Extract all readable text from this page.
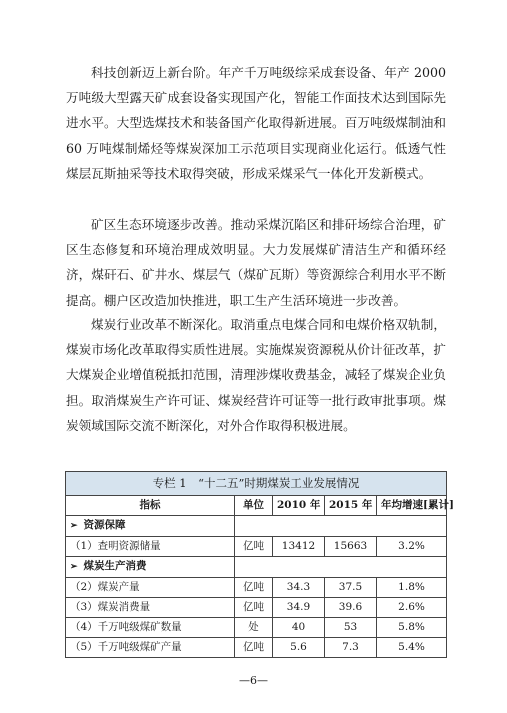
科技创新迈上新台阶。年产千万吨级综采成套设备、年产 2000 万吨级大型露天矿成套设备实现国产化，智能工作面技术达到国际先进水平。大型选煤技术和装备国产化取得新进展。百万吨级煤制油和 60 万吨煤制烯烃等煤炭深加工示范项目实现商业化运行。低透气性煤层瓦斯抽采等技术取得突破，形成采煤采气一体化开发新模式。

矿区生态环境逐步改善。推动采煤沉陷区和排矸场综合治理，矿区生态修复和环境治理成效明显。大力发展煤矿清洁生产和循环经济，煤矸石、矿井水、煤层气（煤矿瓦斯）等资源综合利用水平不断提高。棚户区改造加快推进，职工生产生活环境进一步改善。

煤炭行业改革不断深化。取消重点电煤合同和电煤价格双轨制，煤炭市场化改革取得实质性进展。实施煤炭资源税从价计征改革，扩大煤炭企业增值税抵扣范围，清理涉煤收费基金，减轻了煤炭企业负担。取消煤炭生产许可证、煤炭经营许可证等一批行政审批事项。煤炭领域国际交流不断深化，对外合作取得积极进展。

专栏 1　“十二五”时期煤炭工业发展情况				
指标	单位	2010 年	2015 年	年均增速[累计]
➢ 资源保障				
（1）查明资源储量	亿吨	13412	15663	3.2%
➢ 煤炭生产消费				
（2）煤炭产量	亿吨	34.3	37.5	1.8%
（3）煤炭消费量	亿吨	34.9	39.6	2.6%
（4）千万吨级煤矿数量	处	40	53	5.8%
（5）千万吨级煤矿产量	亿吨	5.6	7.3	5.4%
—6—
